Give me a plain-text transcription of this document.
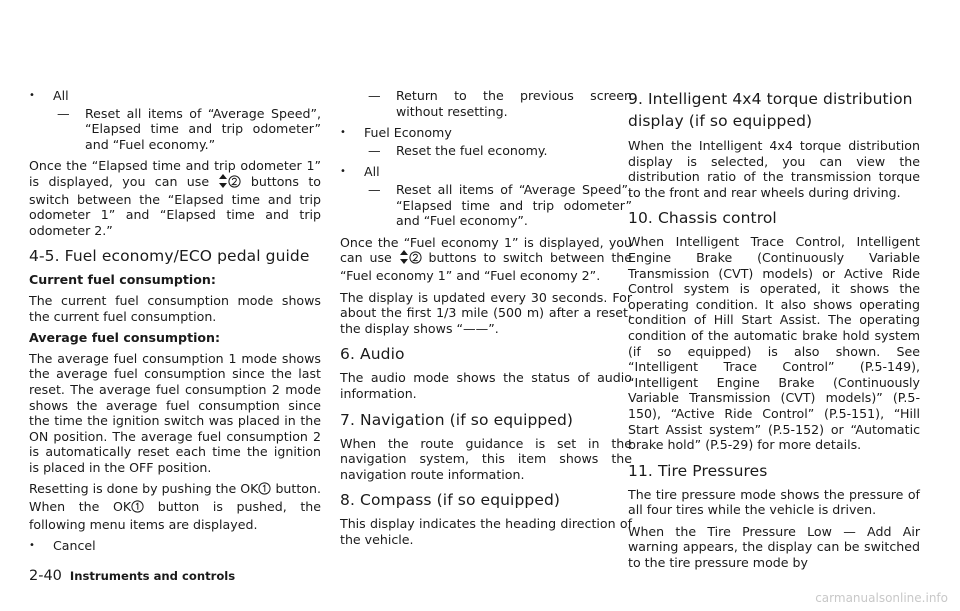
• All

— Reset all items of “Average Speed”, “Elapsed time and trip odometer” and “Fuel economy.”

Once the “Elapsed time and trip odometer 1” is displayed, you can use	buttons to switch between the “Elapsed time and trip odometer 1” and “Elapsed time and trip odometer 2.”

4-5. Fuel economy/ECO pedal guide

Current fuel consumption:

The current fuel consumption mode shows the current fuel consumption.

Average fuel consumption:

The average fuel consumption 1 mode shows the average fuel consumption since the last reset. The average fuel consumption 2 mode shows the average fuel consumption since the time the ignition switch was placed in the ON position. The average fuel consumption 2 is automatically reset each time the ignition is placed in the OFF position.

Resetting is done by pushing the OK button. When the OK button is pushed, the following menu items are displayed.

• Cancel

— Return to the previous screen without resetting.

• Fuel Economy

— Reset the fuel economy.

• All

— Reset all items of “Average Speed”, “Elapsed time and trip odometer” and “Fuel economy”.

Once the “Fuel economy 1” is displayed, you can use	buttons to switch between the “Fuel economy 1” and “Fuel economy 2”.

The display is updated every 30 seconds. For about the first 1/3 mile (500 m) after a reset, the display shows “——”.

6. Audio

The audio mode shows the status of audio information.

7. Navigation (if so equipped)

When the route guidance is set in the navigation system, this item shows the navigation route information.

8. Compass (if so equipped)

This display indicates the heading direction of the vehicle.

9. Intelligent 4x4 torque distribution display (if so equipped)

When the Intelligent 4x4 torque distribution display is selected, you can view the distribution ratio of the transmission torque to the front and rear wheels during driving.

10. Chassis control

When Intelligent Trace Control, Intelligent Engine Brake (Continuously Variable Transmission (CVT) models) or Active Ride Control system is operated, it shows the operating condition. It also shows operating condition of Hill Start Assist. The operating condition of the automatic brake hold system (if so equipped) is also shown. See “Intelligent Trace Control” (P.5-149), “Intelligent Engine Brake (Continuously Variable Transmission (CVT) models)” (P.5-150), “Active Ride Control” (P.5-151), “Hill Start Assist system” (P.5-152) or “Automatic brake hold” (P.5-29) for more details.

11. Tire Pressures

The tire pressure mode shows the pressure of all four tires while the vehicle is driven.

When the Tire Pressure Low — Add Air warning appears, the display can be switched to the tire pressure mode by

2-40 Instruments and controls
carmanualsonline.info
